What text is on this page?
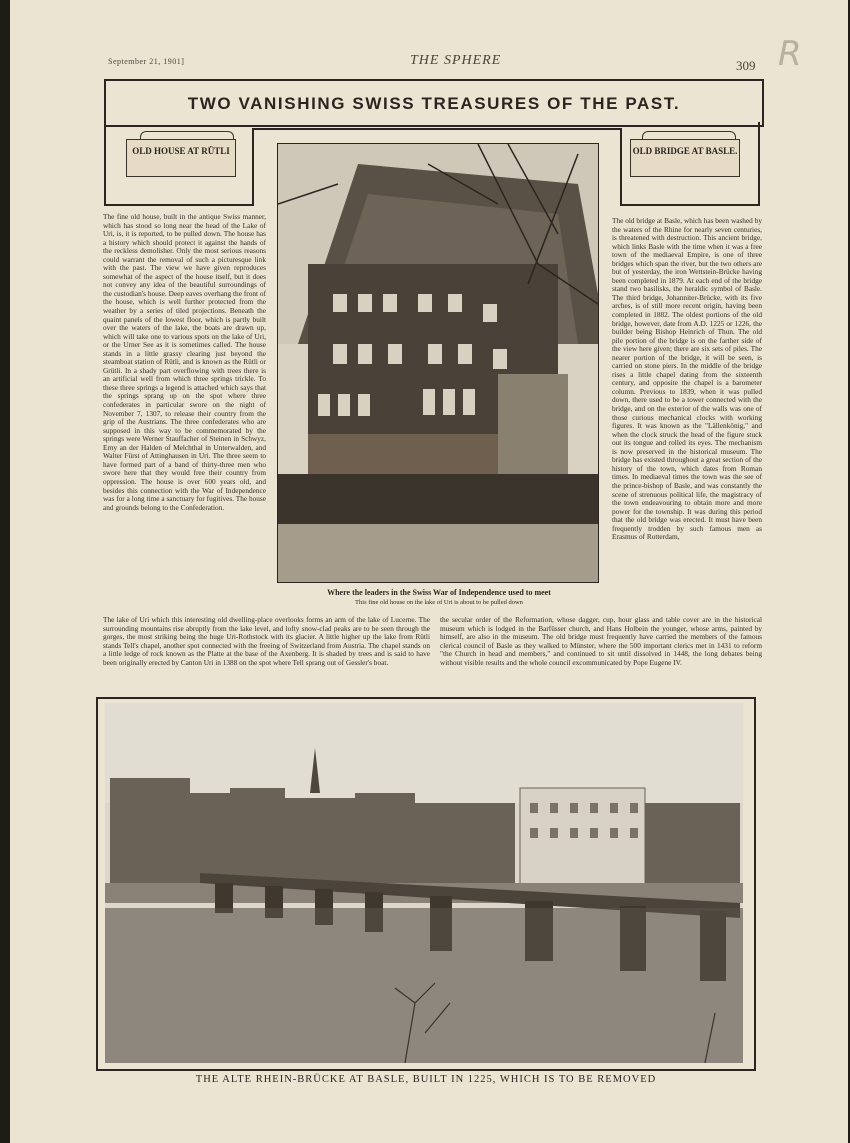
September 21, 1901]	THE SPHERE	309 R
TWO VANISHING SWISS TREASURES OF THE PAST.
OLD HOUSE AT RÜTLI	OLD BRIDGE AT BASLE.
The fine old house, built in the antique Swiss manner, which has stood so long near the head of the Lake of Uri, is, it is reported, to be pulled down. The house has a history which should protect it against the hands of the reckless demolisher. Only the most serious reasons could warrant the removal of such a picturesque link with the past. The view we have given reproduces somewhat of the aspect of the house itself, but it does not convey any idea of the beautiful surroundings of the custodian's house. Deep eaves overhang the front of the house, which is well further protected from the weather by a series of tiled projections. Beneath the quaint panels of the lowest floor, which is partly built over the waters of the lake, the boats are drawn up, which will take one to various spots on the lake of Uri, or the Urner See as it is sometimes called. The house stands in a little grassy clearing just beyond the steamboat station of Rütli, and is known as the Rütli or Grütli. In a shady part overflowing with trees there is an artificial well from which three springs trickle. To these three springs a legend is attached which says that the springs sprang up on the spot where three confederates in particular swore on the night of November 7, 1307, to release their country from the grip of the Austrians. The three confederates who are supposed in this way to be commemorated by the springs were Werner Stauffacher of Steinen in Schwyz, Erny an der Halden of Melchthal in Unterwalden, and Walter Fürst of Attinghausen in Uri. The three seem to have formed part of a band of thirty-three men who swore here that they would free their country from oppression. The house is over 600 years old, and besides this connection with the War of Independence was for a long time a sanctuary for fugitives. The house and grounds belong to the Confederation.
The old bridge at Basle, which has been washed by the waters of the Rhine for nearly seven centuries, is threatened with destruction. This ancient bridge, which links Basle with the time when it was a free town of the mediaeval Empire, is one of three bridges which span the river, but the two others are but of yesterday, the iron Wettstein-Brücke having been completed in 1879. At each end of the bridge stand two basilisks, the heraldic symbol of Basle. The third bridge, Johanniter-Brücke, with its five arches, is of still more recent origin, having been completed in 1882. The oldest portions of the old bridge, however, date from A.D. 1225 or 1226, the builder being Bishop Heinrich of Thun. The old pile portion of the bridge is on the farther side of the view here given; there are six sets of piles. The nearer portion of the bridge, it will be seen, is carried on stone piers. In the middle of the bridge rises a little chapel dating from the sixteenth century, and opposite the chapel is a barometer column. Previous to 1839, when it was pulled down, there used to be a tower connected with the bridge, and on the exterior of the walls was one of those curious mechanical clocks with working figures. It was known as the "Lällenkönig," and when the clock struck the head of the figure stuck out its tongue and rolled its eyes. The mechanism is now preserved in the historical museum. The bridge has existed throughout a great section of the history of the town, which dates from Roman times. In mediaeval times the town was the see of the prince-bishop of Basle, and was constantly the scene of strenuous political life, the magistracy of the town endeavouring to obtain more and more power for the township. It was during this period that the old bridge was erected. It must have been frequently trodden by such famous men as Erasmus of Rotterdam,
The lake of Uri which this interesting old dwelling-place overlooks forms an arm of the lake of Lucerne. The surrounding mountains rise abruptly from the lake level, and lofty snow-clad peaks are to be seen through the gorges, the most striking being the huge Uri-Rothstock with its glacier. A little higher up the lake from Rütli stands Tell's chapel, another spot connected with the freeing of Switzerland from Austria. The chapel stands on a little ledge of rock known as the Platte at the base of the Axenberg. It is shaded by trees and is said to have been originally erected by Canton Uri in 1388 on the spot where Tell sprang out of Gessler's boat.
the secular order of the Reformation, whose dagger, cup, hour glass and table cover are in the historical museum which is lodged in the Barfüsser church, and Hans Holbein the younger, whose arms, painted by himself, are also in the museum. The old bridge must frequently have carried the members of the famous clerical council of Basle as they walked to Münster, where the 500 important clerics met in 1431 to reform "the Church in head and members," and continued to sit until dissolved in 1448, the long debates being without visible results and the whole council excommunicated by Pope Eugene IV.
Where the leaders in the Swiss War of Independence used to meet
This fine old house on the lake of Uri is about to be pulled down
THE ALTE RHEIN-BRÜCKE AT BASLE, BUILT IN 1225, WHICH IS TO BE REMOVED
